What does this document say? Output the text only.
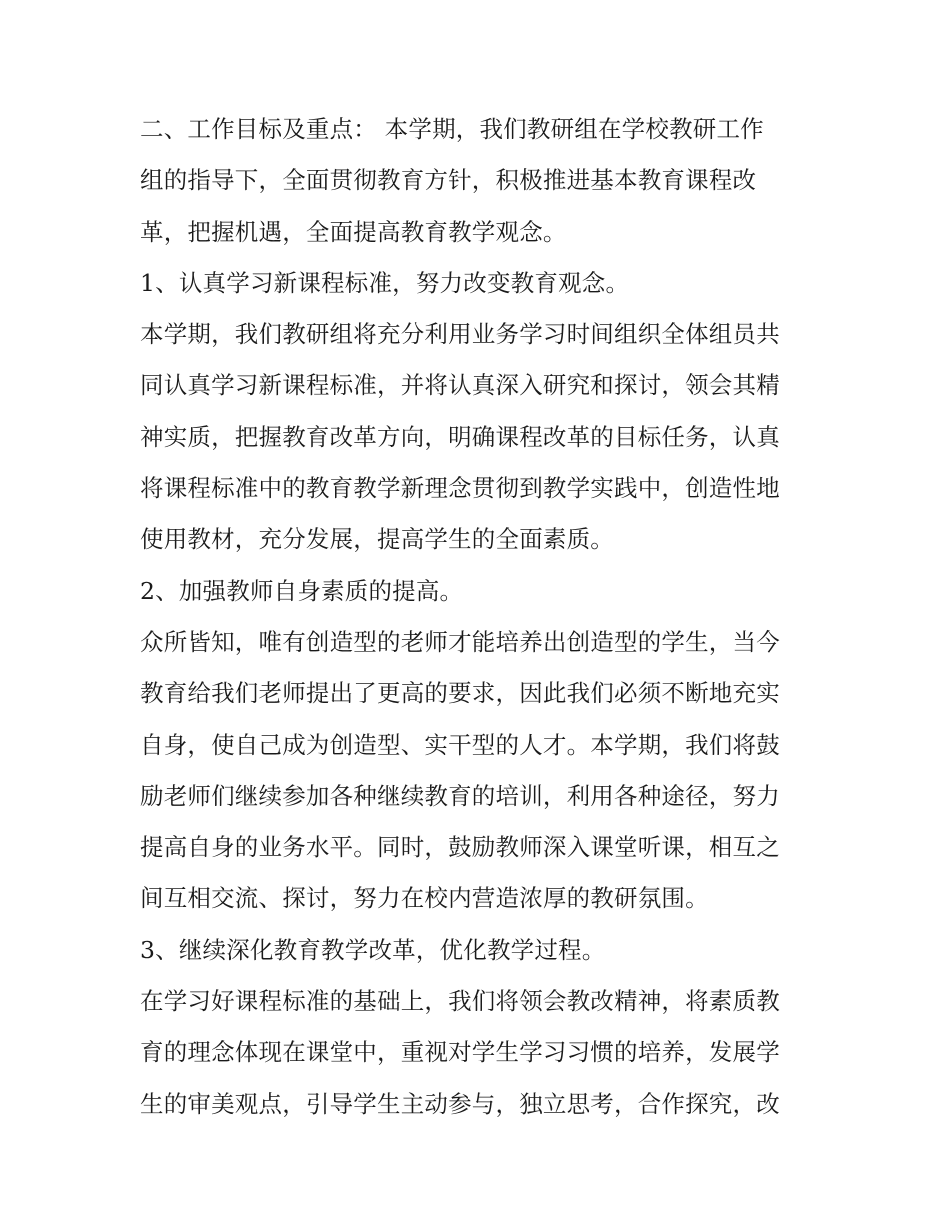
二、工作目标及重点： 本学期，我们教研组在学校教研工作
组的指导下，全面贯彻教育方针，积极推进基本教育课程改
革，把握机遇，全面提高教育教学观念。
1、认真学习新课程标准，努力改变教育观念。
本学期，我们教研组将充分利用业务学习时间组织全体组员共
同认真学习新课程标准，并将认真深入研究和探讨，领会其精
神实质，把握教育改革方向，明确课程改革的目标任务，认真
将课程标准中的教育教学新理念贯彻到教学实践中，创造性地
使用教材，充分发展，提高学生的全面素质。
2、加强教师自身素质的提高。
众所皆知，唯有创造型的老师才能培养出创造型的学生，当今
教育给我们老师提出了更高的要求，因此我们必须不断地充实
自身，使自己成为创造型、实干型的人才。本学期，我们将鼓
励老师们继续参加各种继续教育的培训，利用各种途径，努力
提高自身的业务水平。同时，鼓励教师深入课堂听课，相互之
间互相交流、探讨，努力在校内营造浓厚的教研氛围。
3、继续深化教育教学改革，优化教学过程。
在学习好课程标准的基础上，我们将领会教改精神，将素质教
育的理念体现在课堂中，重视对学生学习习惯的培养，发展学
生的审美观点，引导学生主动参与，独立思考，合作探究，改
